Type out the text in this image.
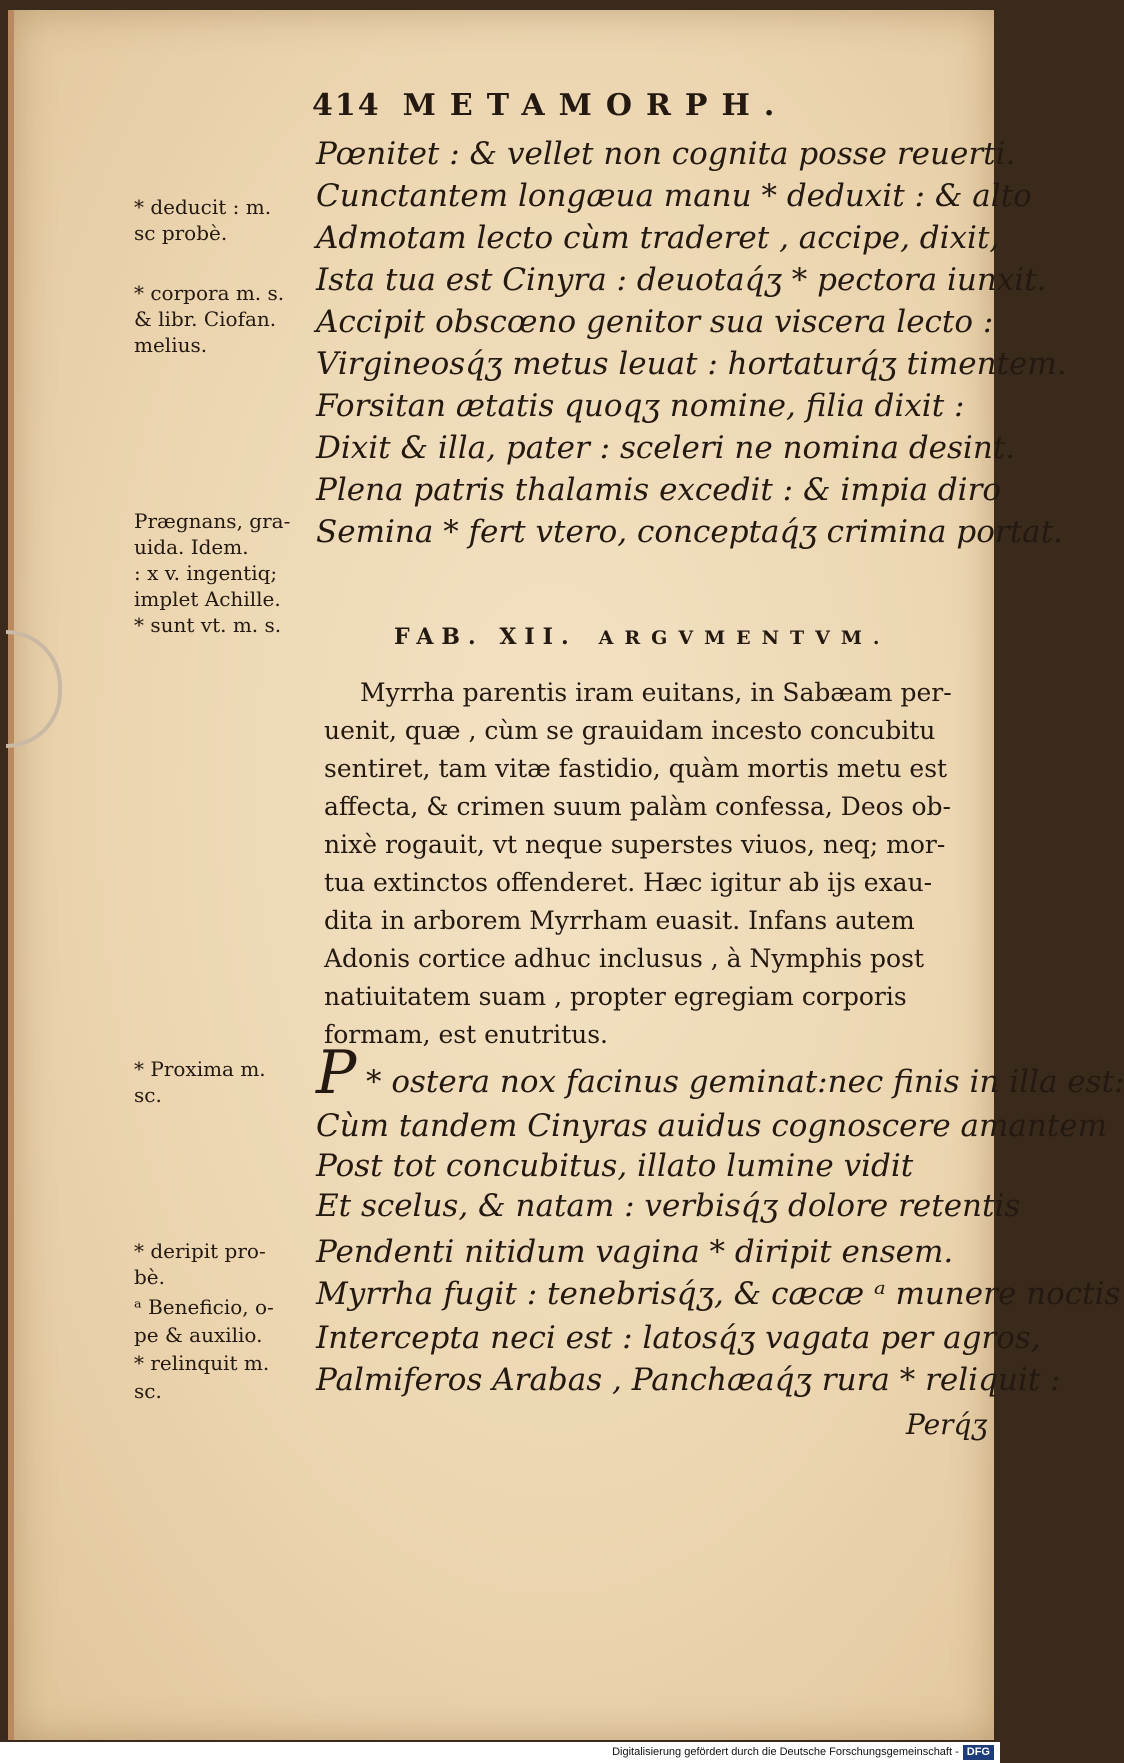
414 METAMORPH.
Pœnitet : & vellet non cognita posse reuerti.
Cunctantem longæua manu * deduxit : & alto
Admotam lecto cùm traderet , accipe, dixit,
Ista tua est Cinyra : deuotaq́ʒ * pectora iunxit.
Accipit obscœno genitor sua viscera lecto :
Virgineosq́ʒ metus leuat : hortaturq́ʒ timentem.
Forsitan ætatis quoqʒ nomine, filia dixit :
Dixit & illa, pater : sceleri ne nomina desint.
Plena patris thalamis excedit : & impia diro
Semina * fert vtero, conceptaq́ʒ crimina portat.
* deducit : m.
sc probè.
* corpora m. s.
& libr. Ciofan.
melius.
Prægnans, gra-
uida. Idem.
: x v. ingentiq;
implet Achille.
* sunt vt. m. s.	FAB. XII. ARGVMENTVM.
Myrrha parentis iram euitans, in Sabæam per-
uenit, quæ , cùm se grauidam incesto concubitu
sentiret, tam vitæ fastidio, quàm mortis metu est
affecta, & crimen suum palàm confessa, Deos ob-
nixè rogauit, vt neque superstes viuos, neq; mor-
tua extinctos offenderet. Hæc igitur ab ijs exau-
dita in arborem Myrrham euasit. Infans autem
Adonis cortice adhuc inclusus , à Nymphis post
natiuitatem suam , propter egregiam corporis
formam, est enutritus.
P * ostera nox facinus geminat:nec finis in illa est:
Cùm tandem Cinyras auidus cognoscere amantem
Post tot concubitus, illato lumine vidit
Et scelus, & natam : verbisq́ʒ dolore retentis
Pendenti nitidum vagina * diripit ensem.
Myrrha fugit : tenebrisq́ʒ, & cæcæ ᵃ munere noctis
Intercepta neci est : latosq́ʒ vagata per agros,
Palmiferos Arabas , Panchæaq́ʒ rura * reliquit :
* Proxima m.
sc.
* deripit pro-
bè.
ᵃ Beneficio, o-
pe & auxilio.
* relinquit m.
sc.
Perq́ʒ
Digitalisierung gefördert durch die Deutsche Forschungsgemeinschaft - DFG
